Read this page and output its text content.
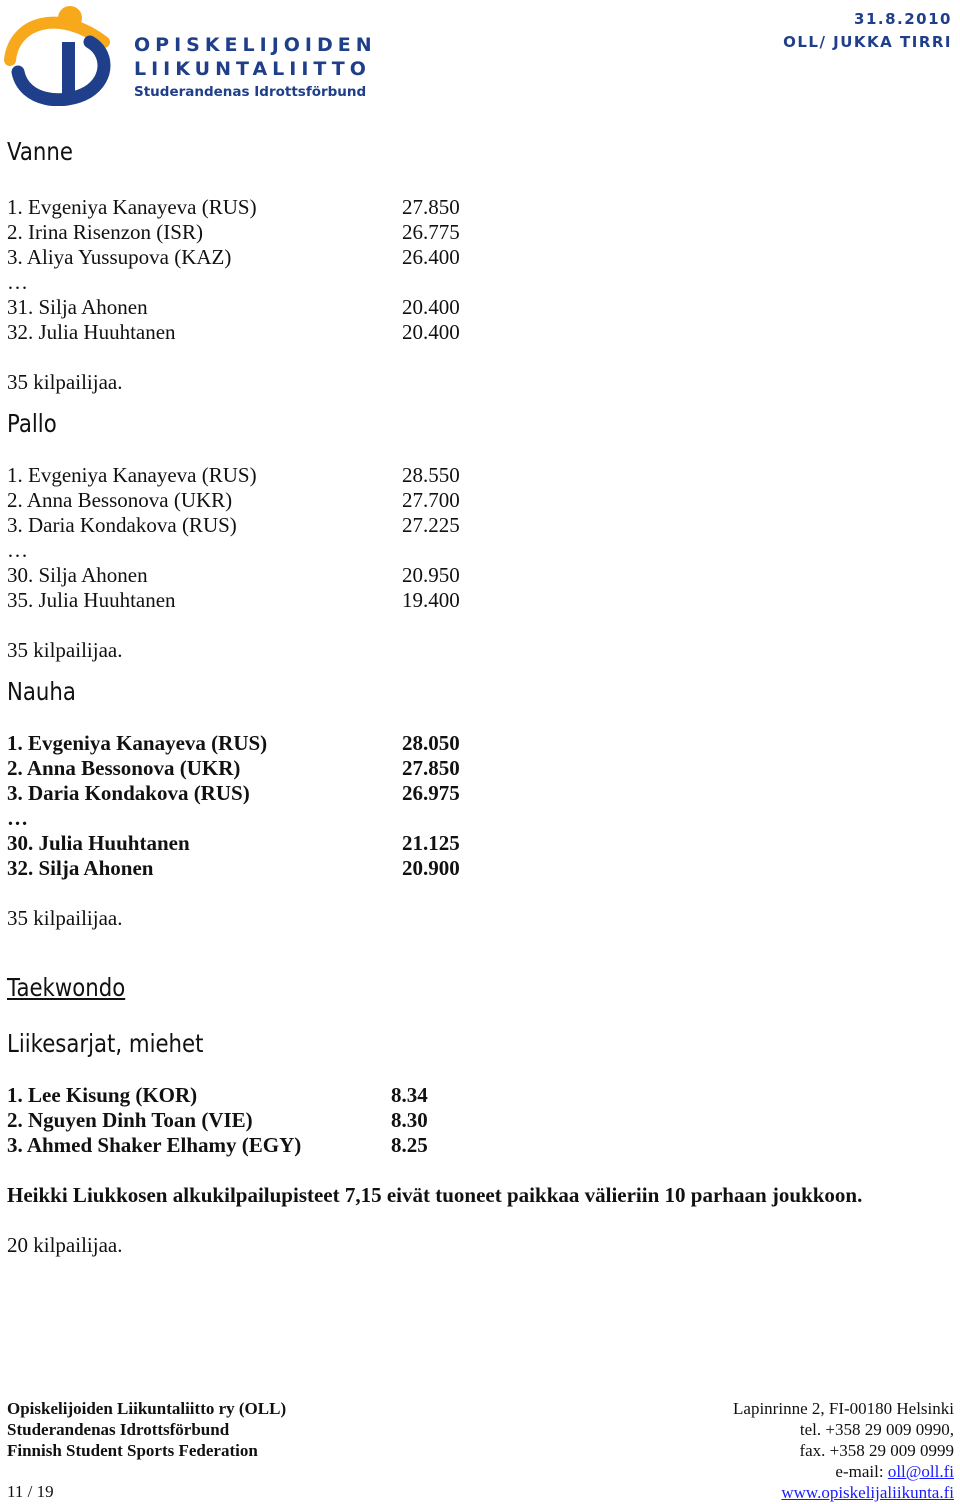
OPISKELIJOIDEN
LIIKUNTALIITTO
Studerandenas Idrottsförbund
31.8.2010
OLL/ JUKKA TIRRI
Vanne
1. Evgeniya Kanayeva (RUS)	27.850
2. Irina Risenzon (ISR)	26.775
3. Aliya Yussupova (KAZ)	26.400
…
31. Silja Ahonen	20.400
32. Julia Huuhtanen	20.400
35 kilpailijaa.
Pallo
1. Evgeniya Kanayeva (RUS)	28.550
2. Anna Bessonova (UKR)	27.700
3. Daria Kondakova (RUS)	27.225
…
30. Silja Ahonen	20.950
35. Julia Huuhtanen	19.400
35 kilpailijaa.
Nauha
1. Evgeniya Kanayeva (RUS)	28.050
2. Anna Bessonova (UKR)	27.850
3. Daria Kondakova (RUS)	26.975
…
30. Julia Huuhtanen	21.125
32. Silja Ahonen	20.900
35 kilpailijaa.
Taekwondo
Liikesarjat, miehet
1. Lee Kisung (KOR)	8.34
2. Nguyen Dinh Toan (VIE)	8.30
3. Ahmed Shaker Elhamy (EGY)	8.25
Heikki Liukkosen alkukilpailupisteet 7,15 eivät tuoneet paikkaa välieriin 10 parhaan joukkoon.
20 kilpailijaa.
Opiskelijoiden Liikuntaliitto ry (OLL)
Studerandenas Idrottsförbund
Finnish Student Sports Federation
Lapinrinne 2, FI-00180 Helsinki
tel. +358 29 009 0990,
fax. +358 29 009 0999
e-mail: oll@oll.fi
www.opiskelijaliikunta.fi
11 / 19
